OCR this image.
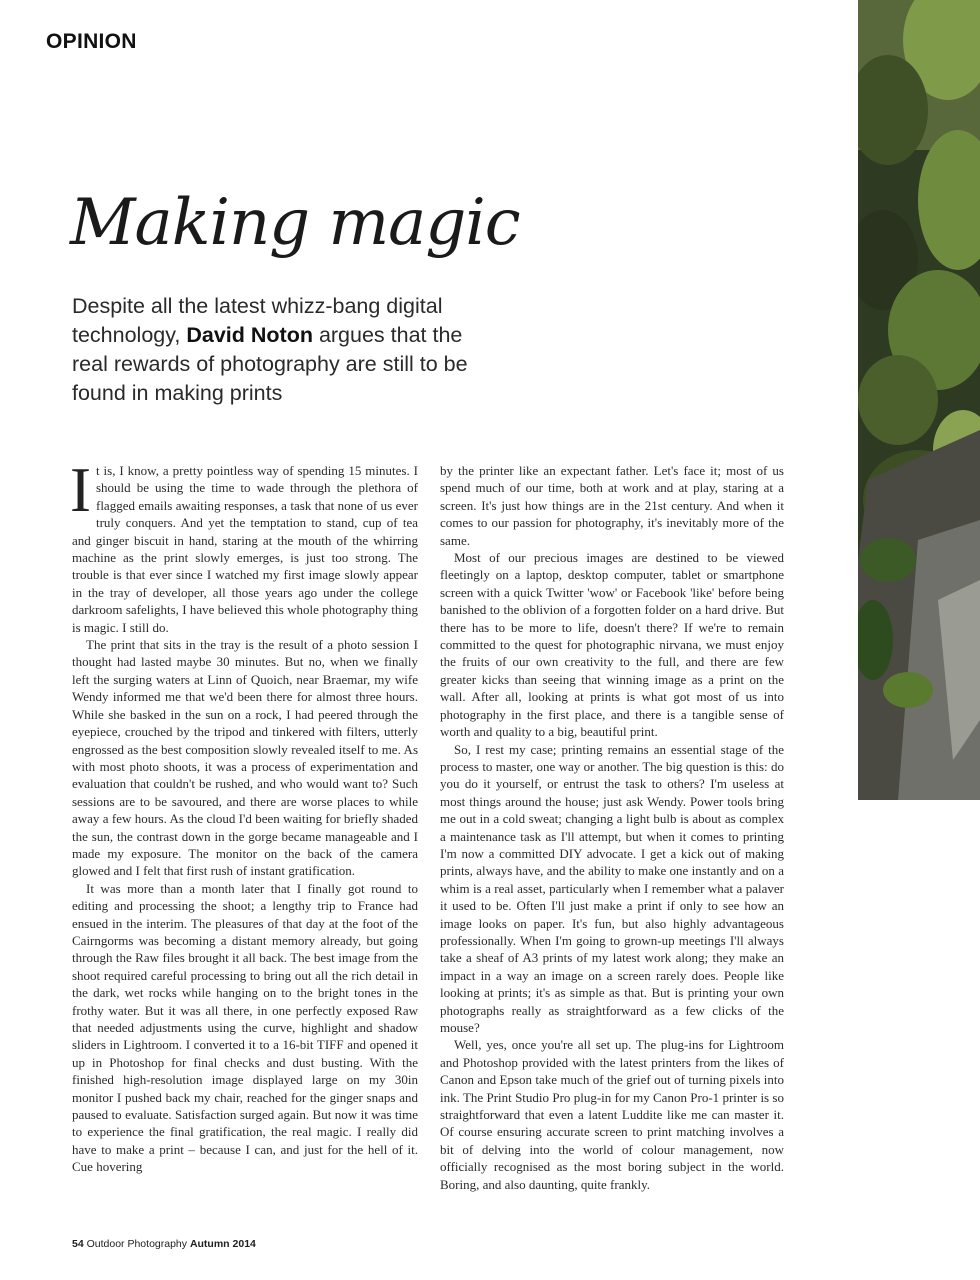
OPINION
Making magic

Despite all the latest whizz-bang digital technology, David Noton argues that the real rewards of photography are still to be found in making prints

It is, I know, a pretty pointless way of spending 15 minutes. I should be using the time to wade through the plethora of flagged emails awaiting responses, a task that none of us ever truly conquers. And yet the temptation to stand, cup of tea and ginger biscuit in hand, staring at the mouth of the whirring machine as the print slowly emerges, is just too strong. The trouble is that ever since I watched my first image slowly appear in the tray of developer, all those years ago under the college darkroom safelights, I have believed this whole photography thing is magic. I still do.

The print that sits in the tray is the result of a photo session I thought had lasted maybe 30 minutes. But no, when we finally left the surging waters at Linn of Quoich, near Braemar, my wife Wendy informed me that we'd been there for almost three hours. While she basked in the sun on a rock, I had peered through the eyepiece, crouched by the tripod and tinkered with filters, utterly engrossed as the best composition slowly revealed itself to me. As with most photo shoots, it was a process of experimentation and evaluation that couldn't be rushed, and who would want to? Such sessions are to be savoured, and there are worse places to while away a few hours. As the cloud I'd been waiting for briefly shaded the sun, the contrast down in the gorge became manageable and I made my exposure. The monitor on the back of the camera glowed and I felt that first rush of instant gratification.

It was more than a month later that I finally got round to editing and processing the shoot; a lengthy trip to France had ensued in the interim. The pleasures of that day at the foot of the Cairngorms was becoming a distant memory already, but going through the Raw files brought it all back. The best image from the shoot required careful processing to bring out all the rich detail in the dark, wet rocks while hanging on to the bright tones in the frothy water. But it was all there, in one perfectly exposed Raw that needed adjustments using the curve, highlight and shadow sliders in Lightroom. I converted it to a 16-bit TIFF and opened it up in Photoshop for final checks and dust busting. With the finished high-resolution image displayed large on my 30in monitor I pushed back my chair, reached for the ginger snaps and paused to evaluate. Satisfaction surged again. But now it was time to experience the final gratification, the real magic. I really did have to make a print – because I can, and just for the hell of it. Cue hovering

by the printer like an expectant father. Let's face it; most of us spend much of our time, both at work and at play, staring at a screen. It's just how things are in the 21st century. And when it comes to our passion for photography, it's inevitably more of the same.

Most of our precious images are destined to be viewed fleetingly on a laptop, desktop computer, tablet or smartphone screen with a quick Twitter 'wow' or Facebook 'like' before being banished to the oblivion of a forgotten folder on a hard drive. But there has to be more to life, doesn't there? If we're to remain committed to the quest for photographic nirvana, we must enjoy the fruits of our own creativity to the full, and there are few greater kicks than seeing that winning image as a print on the wall. After all, looking at prints is what got most of us into photography in the first place, and there is a tangible sense of worth and quality to a big, beautiful print.

So, I rest my case; printing remains an essential stage of the process to master, one way or another. The big question is this: do you do it yourself, or entrust the task to others? I'm useless at most things around the house; just ask Wendy. Power tools bring me out in a cold sweat; changing a light bulb is about as complex a maintenance task as I'll attempt, but when it comes to printing I'm now a committed DIY advocate. I get a kick out of making prints, always have, and the ability to make one instantly and on a whim is a real asset, particularly when I remember what a palaver it used to be. Often I'll just make a print if only to see how an image looks on paper. It's fun, but also highly advantageous professionally. When I'm going to grown-up meetings I'll always take a sheaf of A3 prints of my latest work along; they make an impact in a way an image on a screen rarely does. People like looking at prints; it's as simple as that. But is printing your own photographs really as straightforward as a few clicks of the mouse?

Well, yes, once you're all set up. The plug-ins for Lightroom and Photoshop provided with the latest printers from the likes of Canon and Epson take much of the grief out of turning pixels into ink. The Print Studio Pro plug-in for my Canon Pro-1 printer is so straightforward that even a latent Luddite like me can master it. Of course ensuring accurate screen to print matching involves a bit of delving into the world of colour management, now officially recognised as the most boring subject in the world. Boring, and also daunting, quite frankly.

54 Outdoor Photography Autumn 2014
